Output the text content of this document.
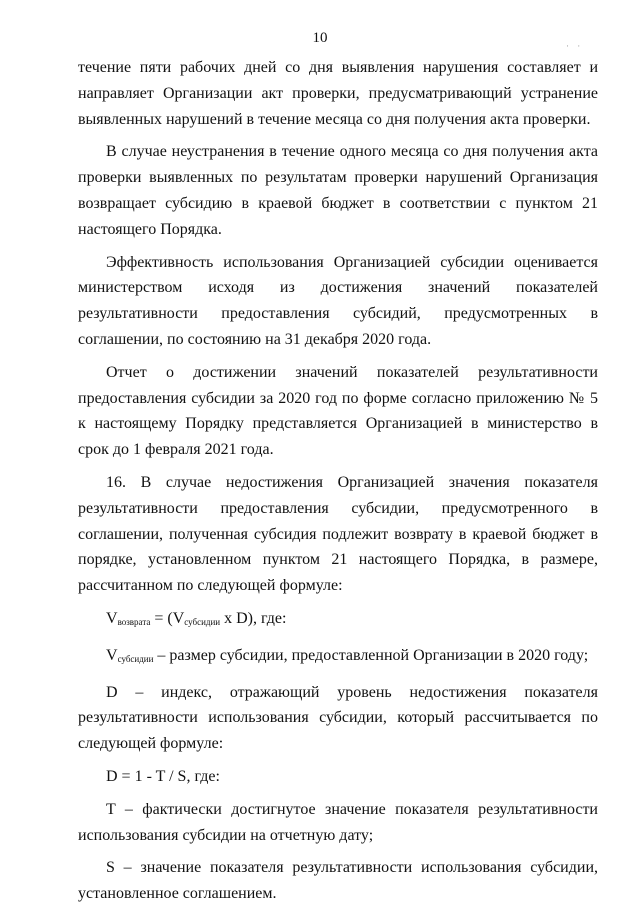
10	· ·

течение пяти рабочих дней со дня выявления нарушения составляет и направляет Организации акт проверки, предусматривающий устранение выявленных нарушений в течение месяца со дня получения акта проверки.

В случае неустранения в течение одного месяца со дня получения акта проверки выявленных по результатам проверки нарушений Организация возвращает субсидию в краевой бюджет в соответствии с пунктом 21 настоящего Порядка.

Эффективность использования Организацией субсидии оценивается министерством исходя из достижения значений показателей результативности предоставления субсидий, предусмотренных в соглашении, по состоянию на 31 декабря 2020 года.

Отчет о достижении значений показателей результативности предоставления субсидии за 2020 год по форме согласно приложению № 5 к настоящему Порядку представляется Организацией в министерство в срок до 1 февраля 2021 года.

16. В случае недостижения Организацией значения показателя результативности предоставления субсидии, предусмотренного в соглашении, полученная субсидия подлежит возврату в краевой бюджет в порядке, установленном пунктом 21 настоящего Порядка, в размере, рассчитанном по следующей формуле:

$V_{возврата} = (V_{субсидии}$ x D), где:
$V_{субсидии}$ – размер субсидии, предоставленной Организации в 2020 году;

D – индекс, отражающий уровень недостижения показателя результативности использования субсидии, который рассчитывается по следующей формуле:

D = 1 - T / S, где:

T – фактически достигнутое значение показателя результативности использования субсидии на отчетную дату;

S – значение показателя результативности использования субсидии, установленное соглашением.
